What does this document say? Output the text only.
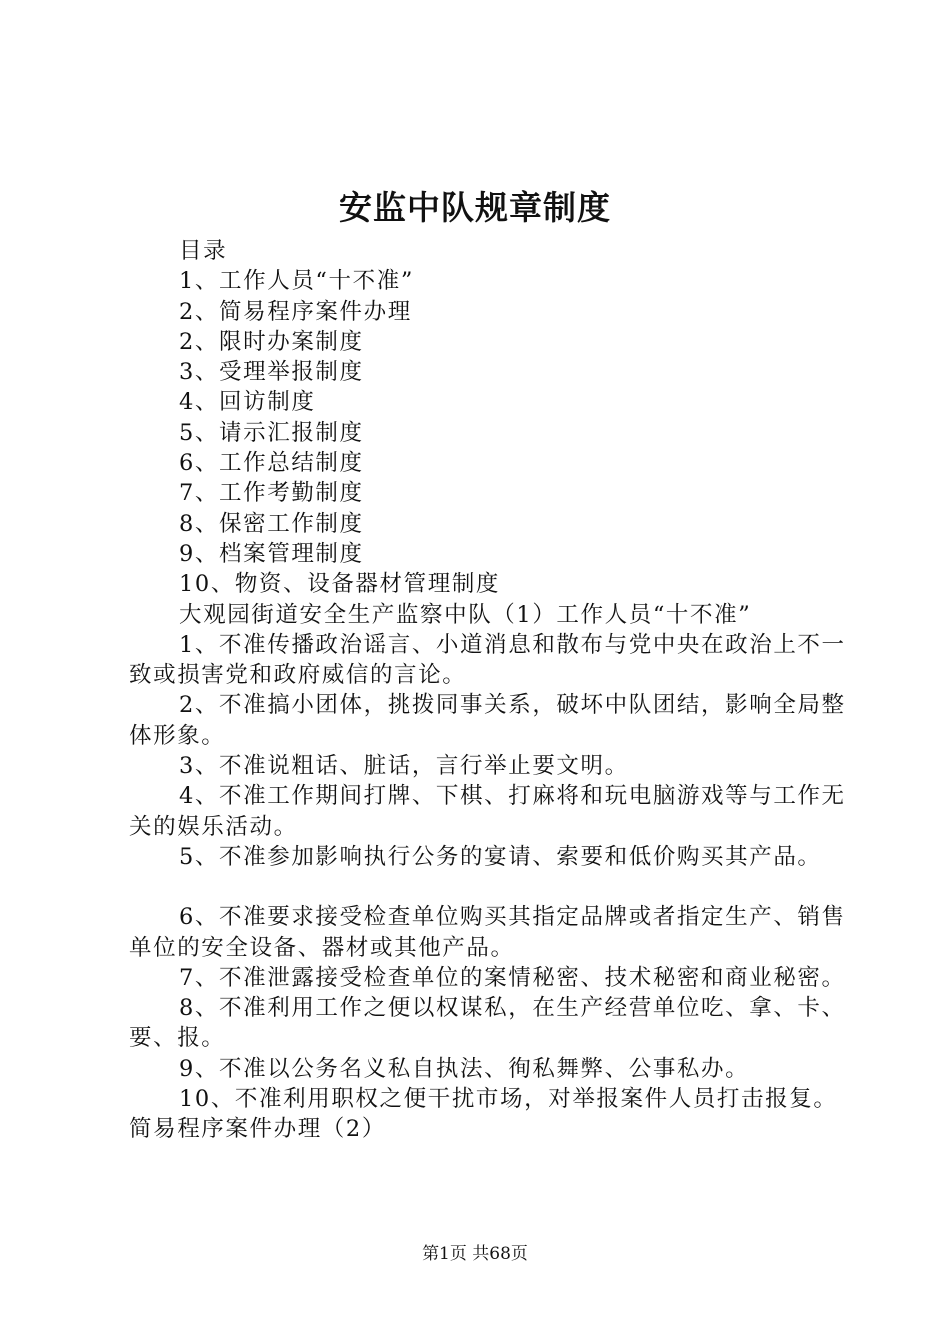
安监中队规章制度

目录

1、工作人员“十不准”

2、简易程序案件办理

2、限时办案制度

3、受理举报制度

4、回访制度

5、请示汇报制度

6、工作总结制度

7、工作考勤制度

8、保密工作制度

9、档案管理制度

10、物资、设备器材管理制度

大观园街道安全生产监察中队（1）工作人员“十不准”

1、不准传播政治谣言、小道消息和散布与党中央在政治上不一致或损害党和政府威信的言论。

2、不准搞小团体，挑拨同事关系，破坏中队团结，影响全局整体形象。

3、不准说粗话、脏话，言行举止要文明。

4、不准工作期间打牌、下棋、打麻将和玩电脑游戏等与工作无关的娱乐活动。

5、不准参加影响执行公务的宴请、索要和低价购买其产品。

6、不准要求接受检查单位购买其指定品牌或者指定生产、销售单位的安全设备、器材或其他产品。

7、不准泄露接受检查单位的案情秘密、技术秘密和商业秘密。

8、不准利用工作之便以权谋私，在生产经营单位吃、拿、卡、要、报。

9、不准以公务名义私自执法、徇私舞弊、公事私办。

10、不准利用职权之便干扰市场，对举报案件人员打击报复。简易程序案件办理（2）

第1页 共68页
